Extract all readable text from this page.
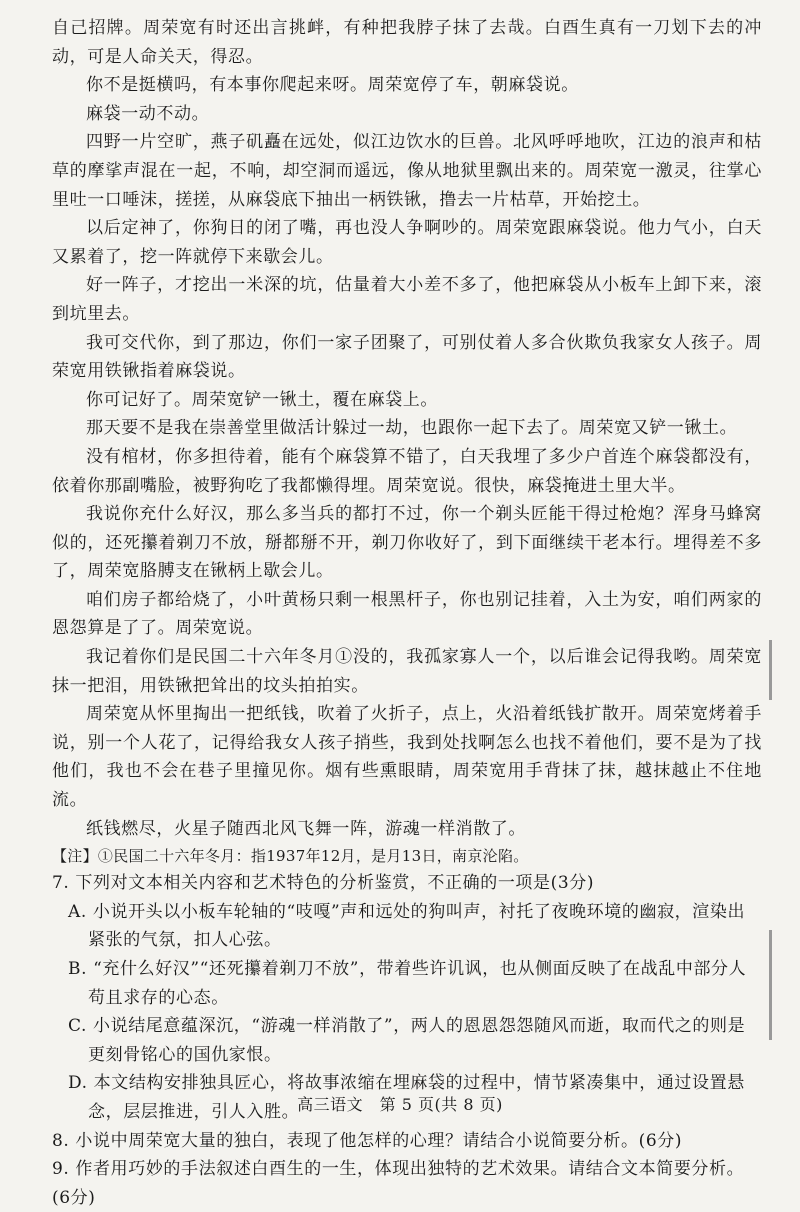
自己招牌。周荣宽有时还出言挑衅，有种把我脖子抹了去哉。白酉生真有一刀划下去的冲动，可是人命关天，得忍。

你不是挺横吗，有本事你爬起来呀。周荣宽停了车，朝麻袋说。

麻袋一动不动。

四野一片空旷，燕子矶矗在远处，似江边饮水的巨兽。北风呼呼地吹，江边的浪声和枯草的摩挲声混在一起，不响，却空洞而遥远，像从地狱里飘出来的。周荣宽一激灵，往掌心里吐一口唾沫，搓搓，从麻袋底下抽出一柄铁锹，撸去一片枯草，开始挖土。

以后定神了，你狗日的闭了嘴，再也没人争啊吵的。周荣宽跟麻袋说。他力气小，白天又累着了，挖一阵就停下来歇会儿。

好一阵子，才挖出一米深的坑，估量着大小差不多了，他把麻袋从小板车上卸下来，滚到坑里去。

我可交代你，到了那边，你们一家子团聚了，可别仗着人多合伙欺负我家女人孩子。周荣宽用铁锹指着麻袋说。

你可记好了。周荣宽铲一锹土，覆在麻袋上。

那天要不是我在崇善堂里做活计躲过一劫，也跟你一起下去了。周荣宽又铲一锹土。

没有棺材，你多担待着，能有个麻袋算不错了，白天我埋了多少户首连个麻袋都没有，依着你那副嘴脸，被野狗吃了我都懒得埋。周荣宽说。很快，麻袋掩进土里大半。

我说你充什么好汉，那么多当兵的都打不过，你一个剃头匠能干得过枪炮？浑身马蜂窝似的，还死攥着剃刀不放，掰都掰不开，剃刀你收好了，到下面继续干老本行。埋得差不多了，周荣宽胳膊支在锹柄上歇会儿。

咱们房子都给烧了，小叶黄杨只剩一根黑杆子，你也别记挂着，入土为安，咱们两家的恩怨算是了了。周荣宽说。

我记着你们是民国二十六年冬月①没的，我孤家寡人一个，以后谁会记得我哟。周荣宽抹一把泪，用铁锹把耸出的坟头拍拍实。

周荣宽从怀里掏出一把纸钱，吹着了火折子，点上，火沿着纸钱扩散开。周荣宽烤着手说，别一个人花了，记得给我女人孩子捎些，我到处找啊怎么也找不着他们，要不是为了找他们，我也不会在巷子里撞见你。烟有些熏眼睛，周荣宽用手背抹了抹，越抹越止不住地流。

纸钱燃尽，火星子随西北风飞舞一阵，游魂一样消散了。

【注】①民国二十六年冬月：指1937年12月，是月13日，南京沦陷。

7. 下列对文本相关内容和艺术特色的分析鉴赏，不正确的一项是(3分)

A. 小说开头以小板车轮轴的“吱嘎”声和远处的狗叫声，衬托了夜晚环境的幽寂，渲染出紧张的气氛，扣人心弦。

B. “充什么好汉”“还死攥着剃刀不放”，带着些许讥讽，也从侧面反映了在战乱中部分人苟且求存的心态。

C. 小说结尾意蕴深沉，“游魂一样消散了”，两人的恩恩怨怨随风而逝，取而代之的则是更刻骨铭心的国仇家恨。

D. 本文结构安排独具匠心，将故事浓缩在埋麻袋的过程中，情节紧凑集中，通过设置悬念，层层推进，引人入胜。

8. 小说中周荣宽大量的独白，表现了他怎样的心理？请结合小说简要分析。(6分)

9. 作者用巧妙的手法叙述白酉生的一生，体现出独特的艺术效果。请结合文本简要分析。(6分)

高三语文　第 5 页(共 8 页)
